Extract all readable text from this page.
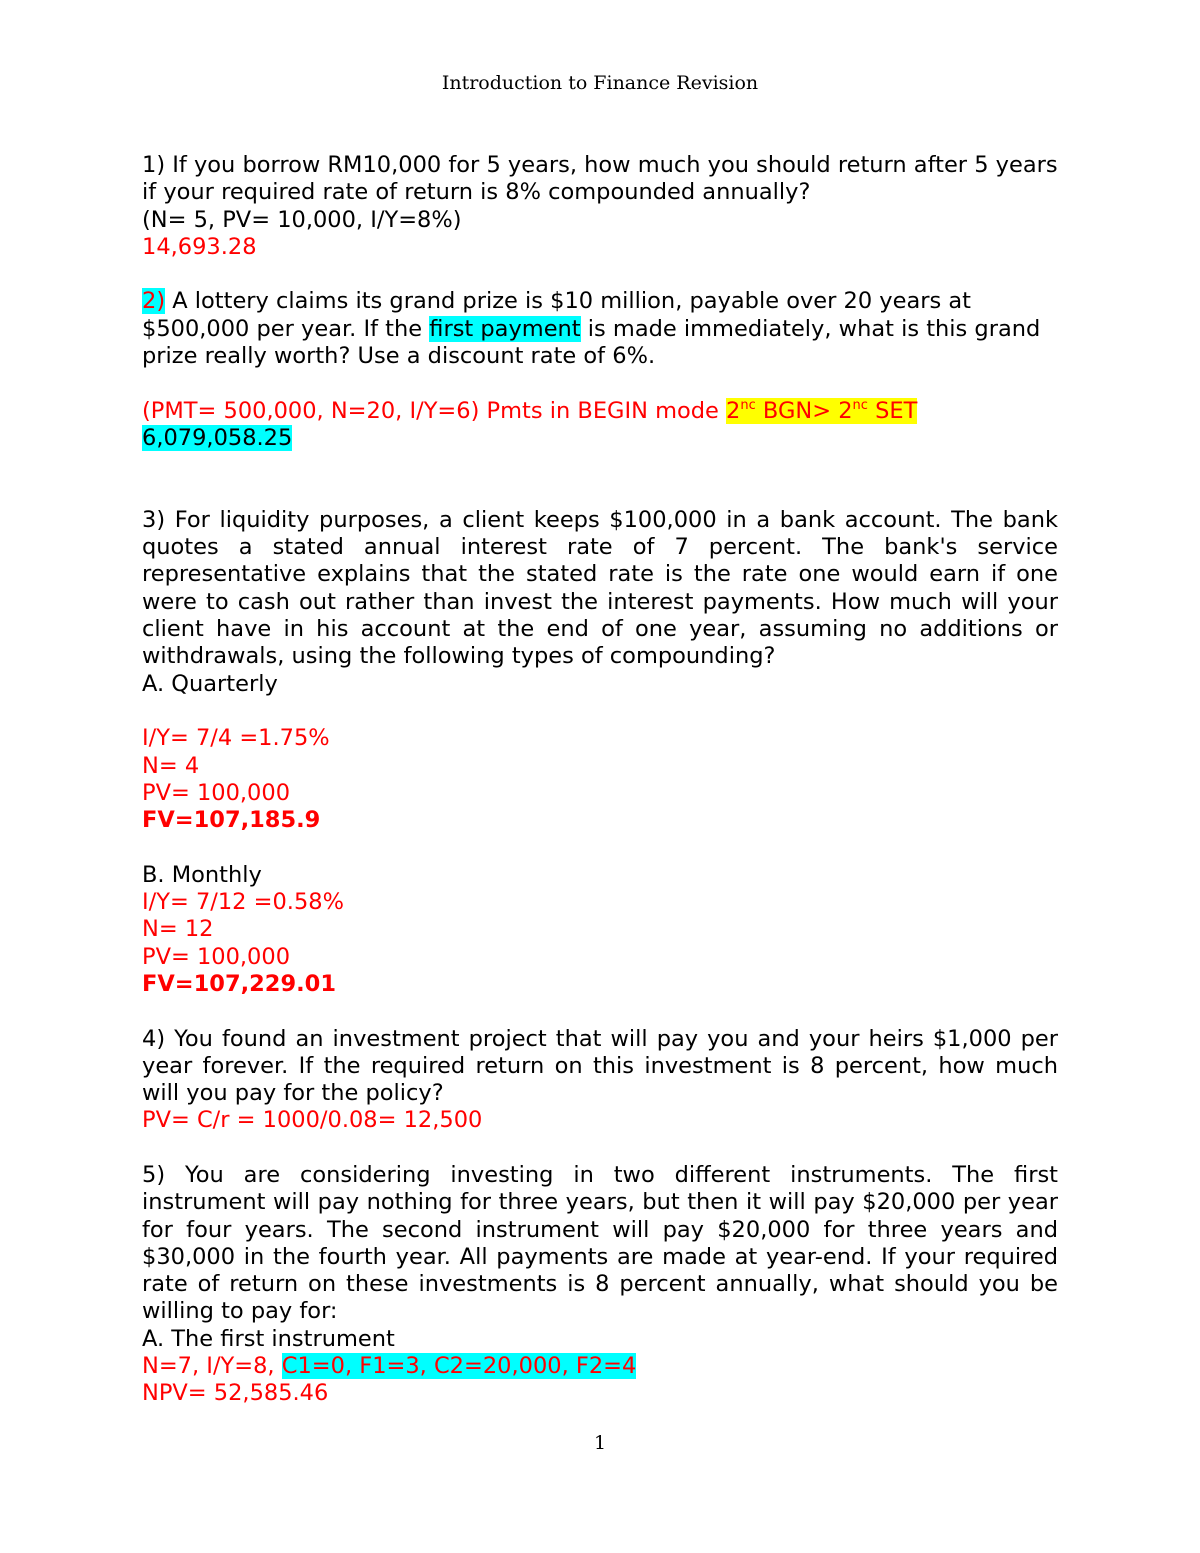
Introduction to Finance Revision

1) If you borrow RM10,000 for 5 years, how much you should return after 5 years if your required rate of return is 8% compounded annually?

(N= 5, PV= 10,000, I/Y=8%)

14,693.28

2) A lottery claims its grand prize is $10 million, payable over 20 years at $500,000 per year. If the first payment is made immediately, what is this grand prize really worth? Use a discount rate of 6%.

(PMT= 500,000, N=20, I/Y=6) Pmts in BEGIN mode $2^{nc}$ $BGN> 2^{nc}$ SET

6,079,058.25

3) For liquidity purposes, a client keeps $100,000 in a bank account. The bank quotes a stated annual interest rate of 7 percent. The bank's service representative explains that the stated rate is the rate one would earn if one were to cash out rather than invest the interest payments. How much will your client have in his account at the end of one year, assuming no additions or withdrawals, using the following types of compounding?

A. Quarterly

I/Y= 7/4 =1.75%

N= 4

PV= 100,000

FV=107,185.9

B. Monthly

I/Y= 7/12 =0.58%

N= 12

PV= 100,000

FV=107,229.01

4) You found an investment project that will pay you and your heirs $1,000 per year forever. If the required return on this investment is 8 percent, how much will you pay for the policy?

PV= C/r = 1000/0.08= 12,500

5) You are considering investing in two different instruments. The first instrument will pay nothing for three years, but then it will pay $20,000 per year for four years. The second instrument will pay $20,000 for three years and $30,000 in the fourth year. All payments are made at year-end. If your required rate of return on these investments is 8 percent annually, what should you be willing to pay for:

A. The first instrument

N=7, I/Y=8, C1=0, F1=3, C2=20,000, F2=4

NPV= 52,585.46

1
